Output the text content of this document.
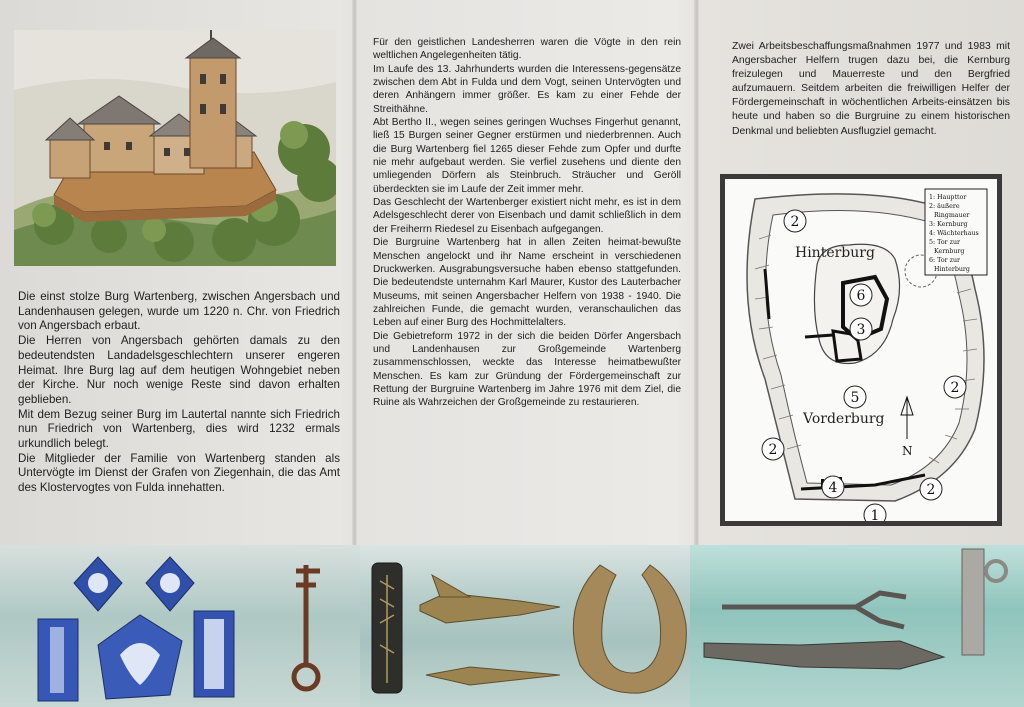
Die einst stolze Burg Wartenberg, zwischen Angersbach und Landenhausen gelegen, wurde um 1220 n. Chr. von Friedrich von Angersbach erbaut.

Die Herren von Angersbach gehörten damals zu den bedeutendsten Landadelsgeschlechtern unserer engeren Heimat. Ihre Burg lag auf dem heutigen Wohngebiet neben der Kirche. Nur noch wenige Reste sind davon erhalten geblieben.

Mit dem Bezug seiner Burg im Lautertal nannte sich Friedrich nun Friedrich von Wartenberg, dies wird 1232 ermals urkundlich belegt.

Die Mitglieder der Familie von Wartenberg standen als Untervögte im Dienst der Grafen von Ziegenhain, die das Amt des Klostervogtes von Fulda innehatten.

Für den geistlichen Landesherren waren die Vögte in den rein weltlichen Angelegenheiten tätig.

Im Laufe des 13. Jahrhunderts wurden die Interessens-gegensätze zwischen dem Abt in Fulda und dem Vogt, seinen Untervögten und deren Anhängern immer größer. Es kam zu einer Fehde der Streithähne.

Abt Bertho II., wegen seines geringen Wuchses Fingerhut genannt, ließ 15 Burgen seiner Gegner erstürmen und niederbrennen. Auch die Burg Wartenberg fiel 1265 dieser Fehde zum Opfer und durfte nie mehr aufgebaut werden. Sie verfiel zusehens und diente den umliegenden Dörfern als Steinbruch. Sträucher und Geröll überdeckten sie im Laufe der Zeit immer mehr.

Das Geschlecht der Wartenberger existiert nicht mehr, es ist in dem Adelsgeschlecht derer von Eisenbach und damit schließlich in dem der Freiherrn Riedesel zu Eisenbach aufgegangen.

Die Burgruine Wartenberg hat in allen Zeiten heimat-bewußte Menschen angelockt und ihr Name erscheint in verschiedenen Druckwerken. Ausgrabungsversuche haben ebenso stattgefunden. Die bedeutendste unternahm Karl Maurer, Kustor des Lauterbacher Museums, mit seinen Angersbacher Helfern von 1938 - 1940. Die zahlreichen Funde, die gemacht wurden, veranschaulichen das Leben auf einer Burg des Hochmittelalters.

Die Gebietreform 1972 in der sich die beiden Dörfer Angersbach und Landenhausen zur Großgemeinde Wartenberg zusammenschlossen, weckte das Interesse heimatbewußter Menschen. Es kam zur Gründung der Fördergemeinschaft zur Rettung der Burgruine Wartenberg im Jahre 1976 mit dem Ziel, die Ruine als Wahrzeichen der Großgemeinde zu restaurieren.

Zwei Arbeitsbeschaffungsmaßnahmen 1977 und 1983 mit Angersbacher Helfern trugen dazu bei, die Kernburg freizulegen und Mauerreste und den Bergfried aufzumauern. Seitdem arbeiten die freiwilligen Helfer der Fördergemeinschaft in wöchentlichen Arbeits-einsätzen bis heute und haben so die Burgruine zu einem historischen Denkmal und beliebten Ausflugziel gemacht.

Hinterburg
Vorderburg
N
2
6
3
5
2
2
4	2
1
1: Haupttor
2: äußere
Ringmauer
3: Kernburg
4: Wächterhaus
5: Tor zur
Kernburg
6: Tor zur
Hinterburg
